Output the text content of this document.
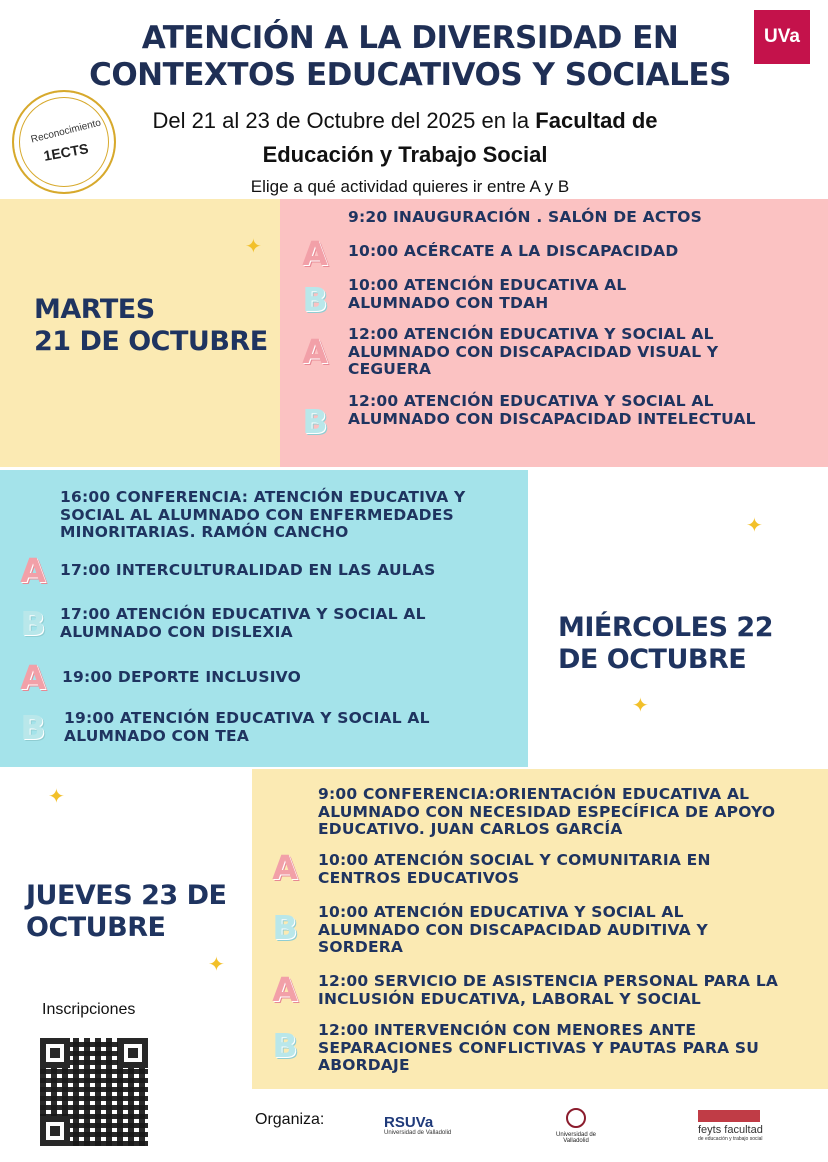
ATENCIÓN A LA DIVERSIDAD EN
CONTEXTOS EDUCATIVOS Y SOCIALES
UVa
Reconocimiento
1ECTS
Del 21 al 23 de Octubre del 2025 en la Facultad de
Educación y Trabajo Social
Elige a qué actividad quieres ir entre A y B
MARTES
21 DE OCTUBRE
✦
9:20 INAUGURACIÓN . SALÓN DE ACTOS
A 10:00 ACÉRCATE A LA DISCAPACIDAD
B 10:00 ATENCIÓN EDUCATIVA AL ALUMNADO CON TDAH
A 12:00 ATENCIÓN EDUCATIVA Y SOCIAL AL ALUMNADO CON DISCAPACIDAD VISUAL Y CEGUERA
B
12:00 ATENCIÓN EDUCATIVA Y SOCIAL AL ALUMNADO CON DISCAPACIDAD INTELECTUAL
MIÉRCOLES 22
DE OCTUBRE
✦
✦
16:00 CONFERENCIA: ATENCIÓN EDUCATIVA Y SOCIAL AL ALUMNADO CON ENFERMEDADES MINORITARIAS. RAMÓN CANCHO
A 17:00 INTERCULTURALIDAD EN LAS AULAS
B 17:00 ATENCIÓN EDUCATIVA Y SOCIAL AL ALUMNADO CON DISLEXIA
A 19:00 DEPORTE INCLUSIVO
B 19:00 ATENCIÓN EDUCATIVA Y SOCIAL AL ALUMNADO CON TEA
JUEVES 23 DE
OCTUBRE
✦
✦
9:00 CONFERENCIA:ORIENTACIÓN EDUCATIVA AL ALUMNADO CON NECESIDAD ESPECÍFICA DE APOYO EDUCATIVO. JUAN CARLOS GARCÍA
A 10:00 ATENCIÓN SOCIAL Y COMUNITARIA EN CENTROS EDUCATIVOS
B 10:00 ATENCIÓN EDUCATIVA Y SOCIAL AL ALUMNADO CON DISCAPACIDAD AUDITIVA Y SORDERA
A 12:00 SERVICIO DE ASISTENCIA PERSONAL PARA LA INCLUSIÓN EDUCATIVA, LABORAL Y SOCIAL
B 12:00 INTERVENCIÓN CON MENORES ANTE SEPARACIONES CONFLICTIVAS Y PAUTAS PARA SU ABORDAJE
Inscripciones
Organiza:	RSUVa
Universidad de Valladolid	Universidad de Valladolid
feyts facultad
de educación y trabajo social
